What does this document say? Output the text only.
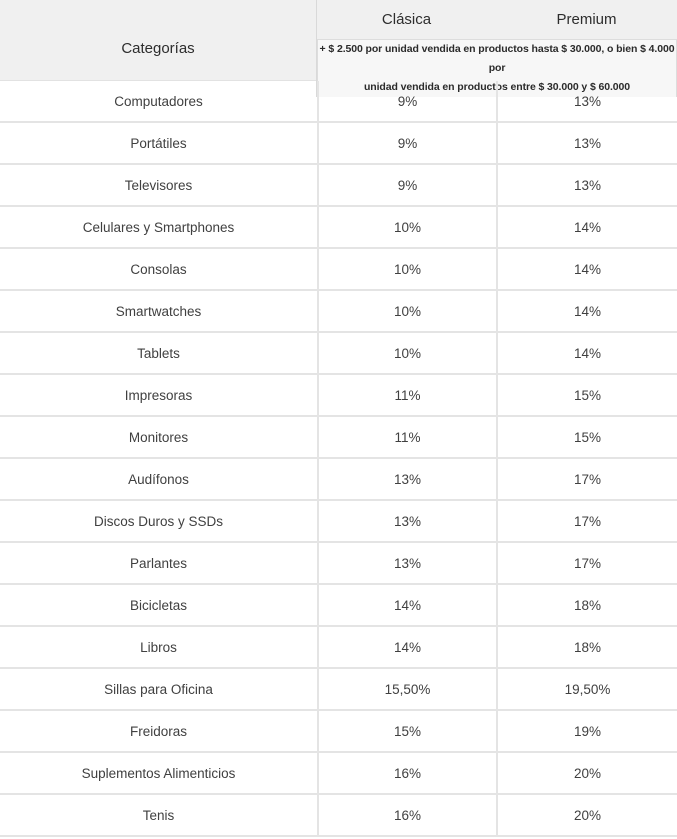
Categorías
Clásica	Premium
+ $ 2.500 por unidad vendida en productos hasta $ 30.000, o bien $ 4.000 por
unidad vendida en productos entre $ 30.000 y $ 60.000
Computadores	9%	13%
Portátiles	9%	13%
Televisores	9%	13%
Celulares y Smartphones	10%	14%
Consolas	10%	14%
Smartwatches	10%	14%
Tablets	10%	14%
Impresoras	11%	15%
Monitores	11%	15%
Audífonos	13%	17%
Discos Duros y SSDs	13%	17%
Parlantes	13%	17%
Bicicletas	14%	18%
Libros	14%	18%
Sillas para Oficina	15,50%	19,50%
Freidoras	15%	19%
Suplementos Alimenticios	16%	20%
Tenis	16%	20%
